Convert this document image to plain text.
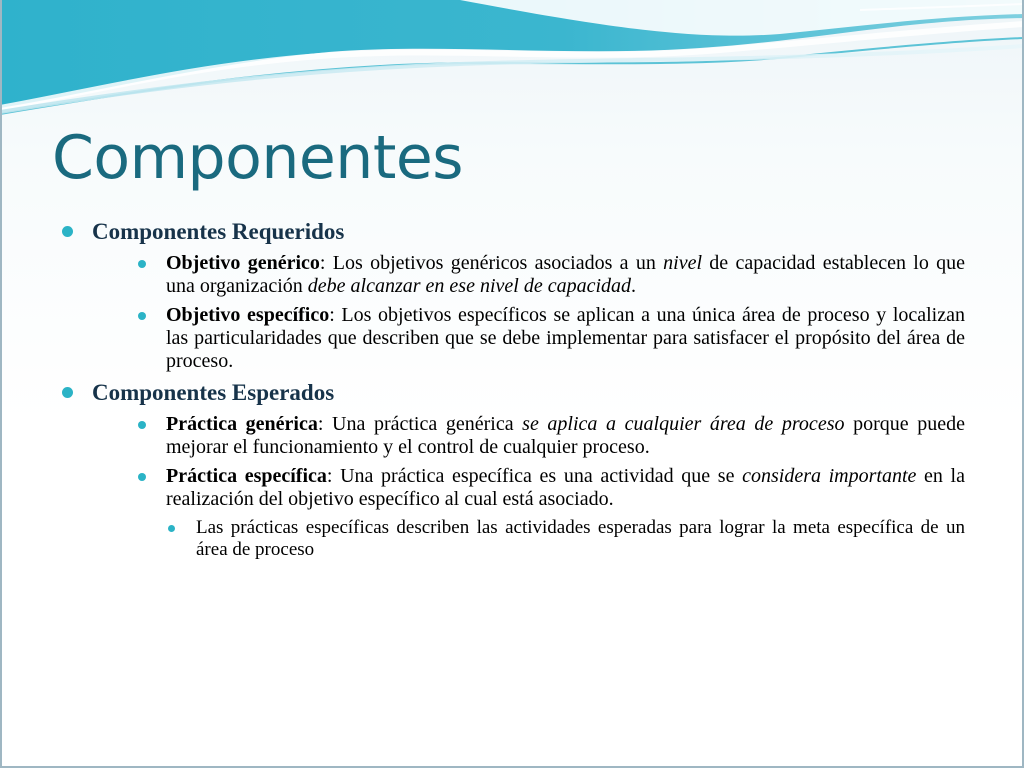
Componentes
Componentes Requeridos
Objetivo genérico: Los objetivos genéricos asociados a un nivel de capacidad establecen lo que una organización debe alcanzar en ese nivel de capacidad.
Objetivo específico: Los objetivos específicos se aplican a una única área de proceso y localizan las particularidades que describen que se debe implementar para satisfacer el propósito del área de proceso.
Componentes Esperados
Práctica genérica: Una práctica genérica se aplica a cualquier área de proceso porque puede mejorar el funcionamiento y el control de cualquier proceso.
Práctica específica: Una práctica específica es una actividad que se considera importante en la realización del objetivo específico al cual está asociado.
Las prácticas específicas describen las actividades esperadas para lograr la meta específica de un área de proceso
